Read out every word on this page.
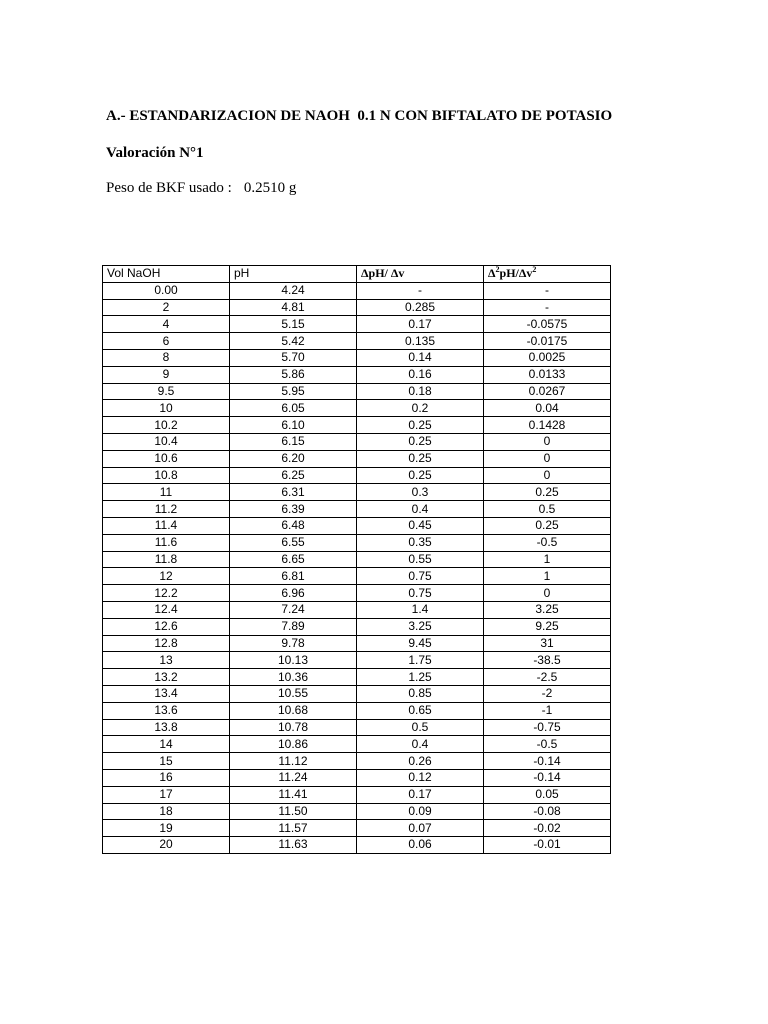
A.- ESTANDARIZACION DE NAOH  0.1 N CON BIFTALATO DE POTASIO

Valoración N°1

Peso de BKF usado : 0.2510 g

Vol NaOH	pH	ΔpH/ Δv	$\Delta^2pH/\Delta v^2$
0.00	4.24	-	-
2	4.81	0.285	-
4	5.15	0.17	-0.0575
6	5.42	0.135	-0.0175
8	5.70	0.14	0.0025
9	5.86	0.16	0.0133
9.5	5.95	0.18	0.0267
10	6.05	0.2	0.04
10.2	6.10	0.25	0.1428
10.4	6.15	0.25	0
10.6	6.20	0.25	0
10.8	6.25	0.25	0
11	6.31	0.3	0.25
11.2	6.39	0.4	0.5
11.4	6.48	0.45	0.25
11.6	6.55	0.35	-0.5
11.8	6.65	0.55	1
12	6.81	0.75	1
12.2	6.96	0.75	0
12.4	7.24	1.4	3.25
12.6	7.89	3.25	9.25
12.8	9.78	9.45	31
13	10.13	1.75	-38.5
13.2	10.36	1.25	-2.5
13.4	10.55	0.85	-2
13.6	10.68	0.65	-1
13.8	10.78	0.5	-0.75
14	10.86	0.4	-0.5
15	11.12	0.26	-0.14
16	11.24	0.12	-0.14
17	11.41	0.17	0.05
18	11.50	0.09	-0.08
19	11.57	0.07	-0.02
20	11.63	0.06	-0.01
